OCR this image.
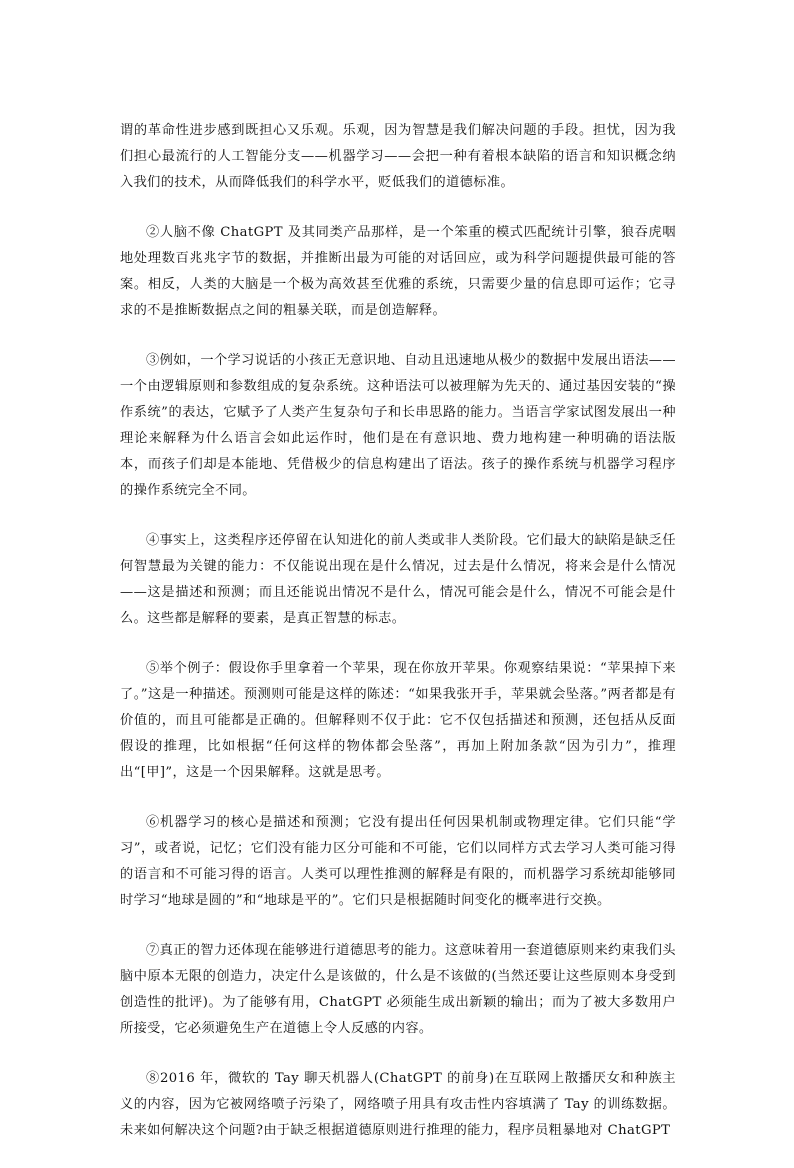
谓的革命性进步感到既担心又乐观。乐观，因为智慧是我们解决问题的手段。担忧，因为我们担心最流行的人工智能分支——机器学习——会把一种有着根本缺陷的语言和知识概念纳入我们的技术，从而降低我们的科学水平，贬低我们的道德标准。

②人脑不像 ChatGPT 及其同类产品那样，是一个笨重的模式匹配统计引擎，狼吞虎咽地处理数百兆兆字节的数据，并推断出最为可能的对话回应，或为科学问题提供最可能的答案。相反，人类的大脑是一个极为高效甚至优雅的系统，只需要少量的信息即可运作；它寻求的不是推断数据点之间的粗暴关联，而是创造解释。

③例如，一个学习说话的小孩正无意识地、自动且迅速地从极少的数据中发展出语法——一个由逻辑原则和参数组成的复杂系统。这种语法可以被理解为先天的、通过基因安装的“操作系统”的表达，它赋予了人类产生复杂句子和长串思路的能力。当语言学家试图发展出一种理论来解释为什么语言会如此运作时，他们是在有意识地、费力地构建一种明确的语法版本，而孩子们却是本能地、凭借极少的信息构建出了语法。孩子的操作系统与机器学习程序的操作系统完全不同。

④事实上，这类程序还停留在认知进化的前人类或非人类阶段。它们最大的缺陷是缺乏任何智慧最为关键的能力：不仅能说出现在是什么情况，过去是什么情况，将来会是什么情况——这是描述和预测；而且还能说出情况不是什么，情况可能会是什么，情况不可能会是什么。这些都是解释的要素，是真正智慧的标志。

⑤举个例子：假设你手里拿着一个苹果，现在你放开苹果。你观察结果说：“苹果掉下来了。”这是一种描述。预测则可能是这样的陈述：“如果我张开手，苹果就会坠落。”两者都是有价值的，而且可能都是正确的。但解释则不仅于此：它不仅包括描述和预测，还包括从反面假设的推理，比如根据“任何这样的物体都会坠落”，再加上附加条款“因为引力”，推理出“[甲]”，这是一个因果解释。这就是思考。

⑥机器学习的核心是描述和预测；它没有提出任何因果机制或物理定律。它们只能“学习”，或者说，记忆；它们没有能力区分可能和不可能，它们以同样方式去学习人类可能习得的语言和不可能习得的语言。人类可以理性推测的解释是有限的，而机器学习系统却能够同时学习“地球是圆的”和“地球是平的”。它们只是根据随时间变化的概率进行交换。

⑦真正的智力还体现在能够进行道德思考的能力。这意味着用一套道德原则来约束我们头脑中原本无限的创造力，决定什么是该做的，什么是不该做的(当然还要让这些原则本身受到创造性的批评)。为了能够有用，ChatGPT 必须能生成出新颖的输出；而为了被大多数用户所接受，它必须避免生产在道德上令人反感的内容。

⑧2016 年，微软的 Tay 聊天机器人(ChatGPT 的前身)在互联网上散播厌女和种族主义的内容，因为它被网络喷子污染了，网络喷子用具有攻击性内容填满了 Tay 的训练数据。未来如何解决这个问题?由于缺乏根据道德原则进行推理的能力，程序员粗暴地对 ChatGPT
